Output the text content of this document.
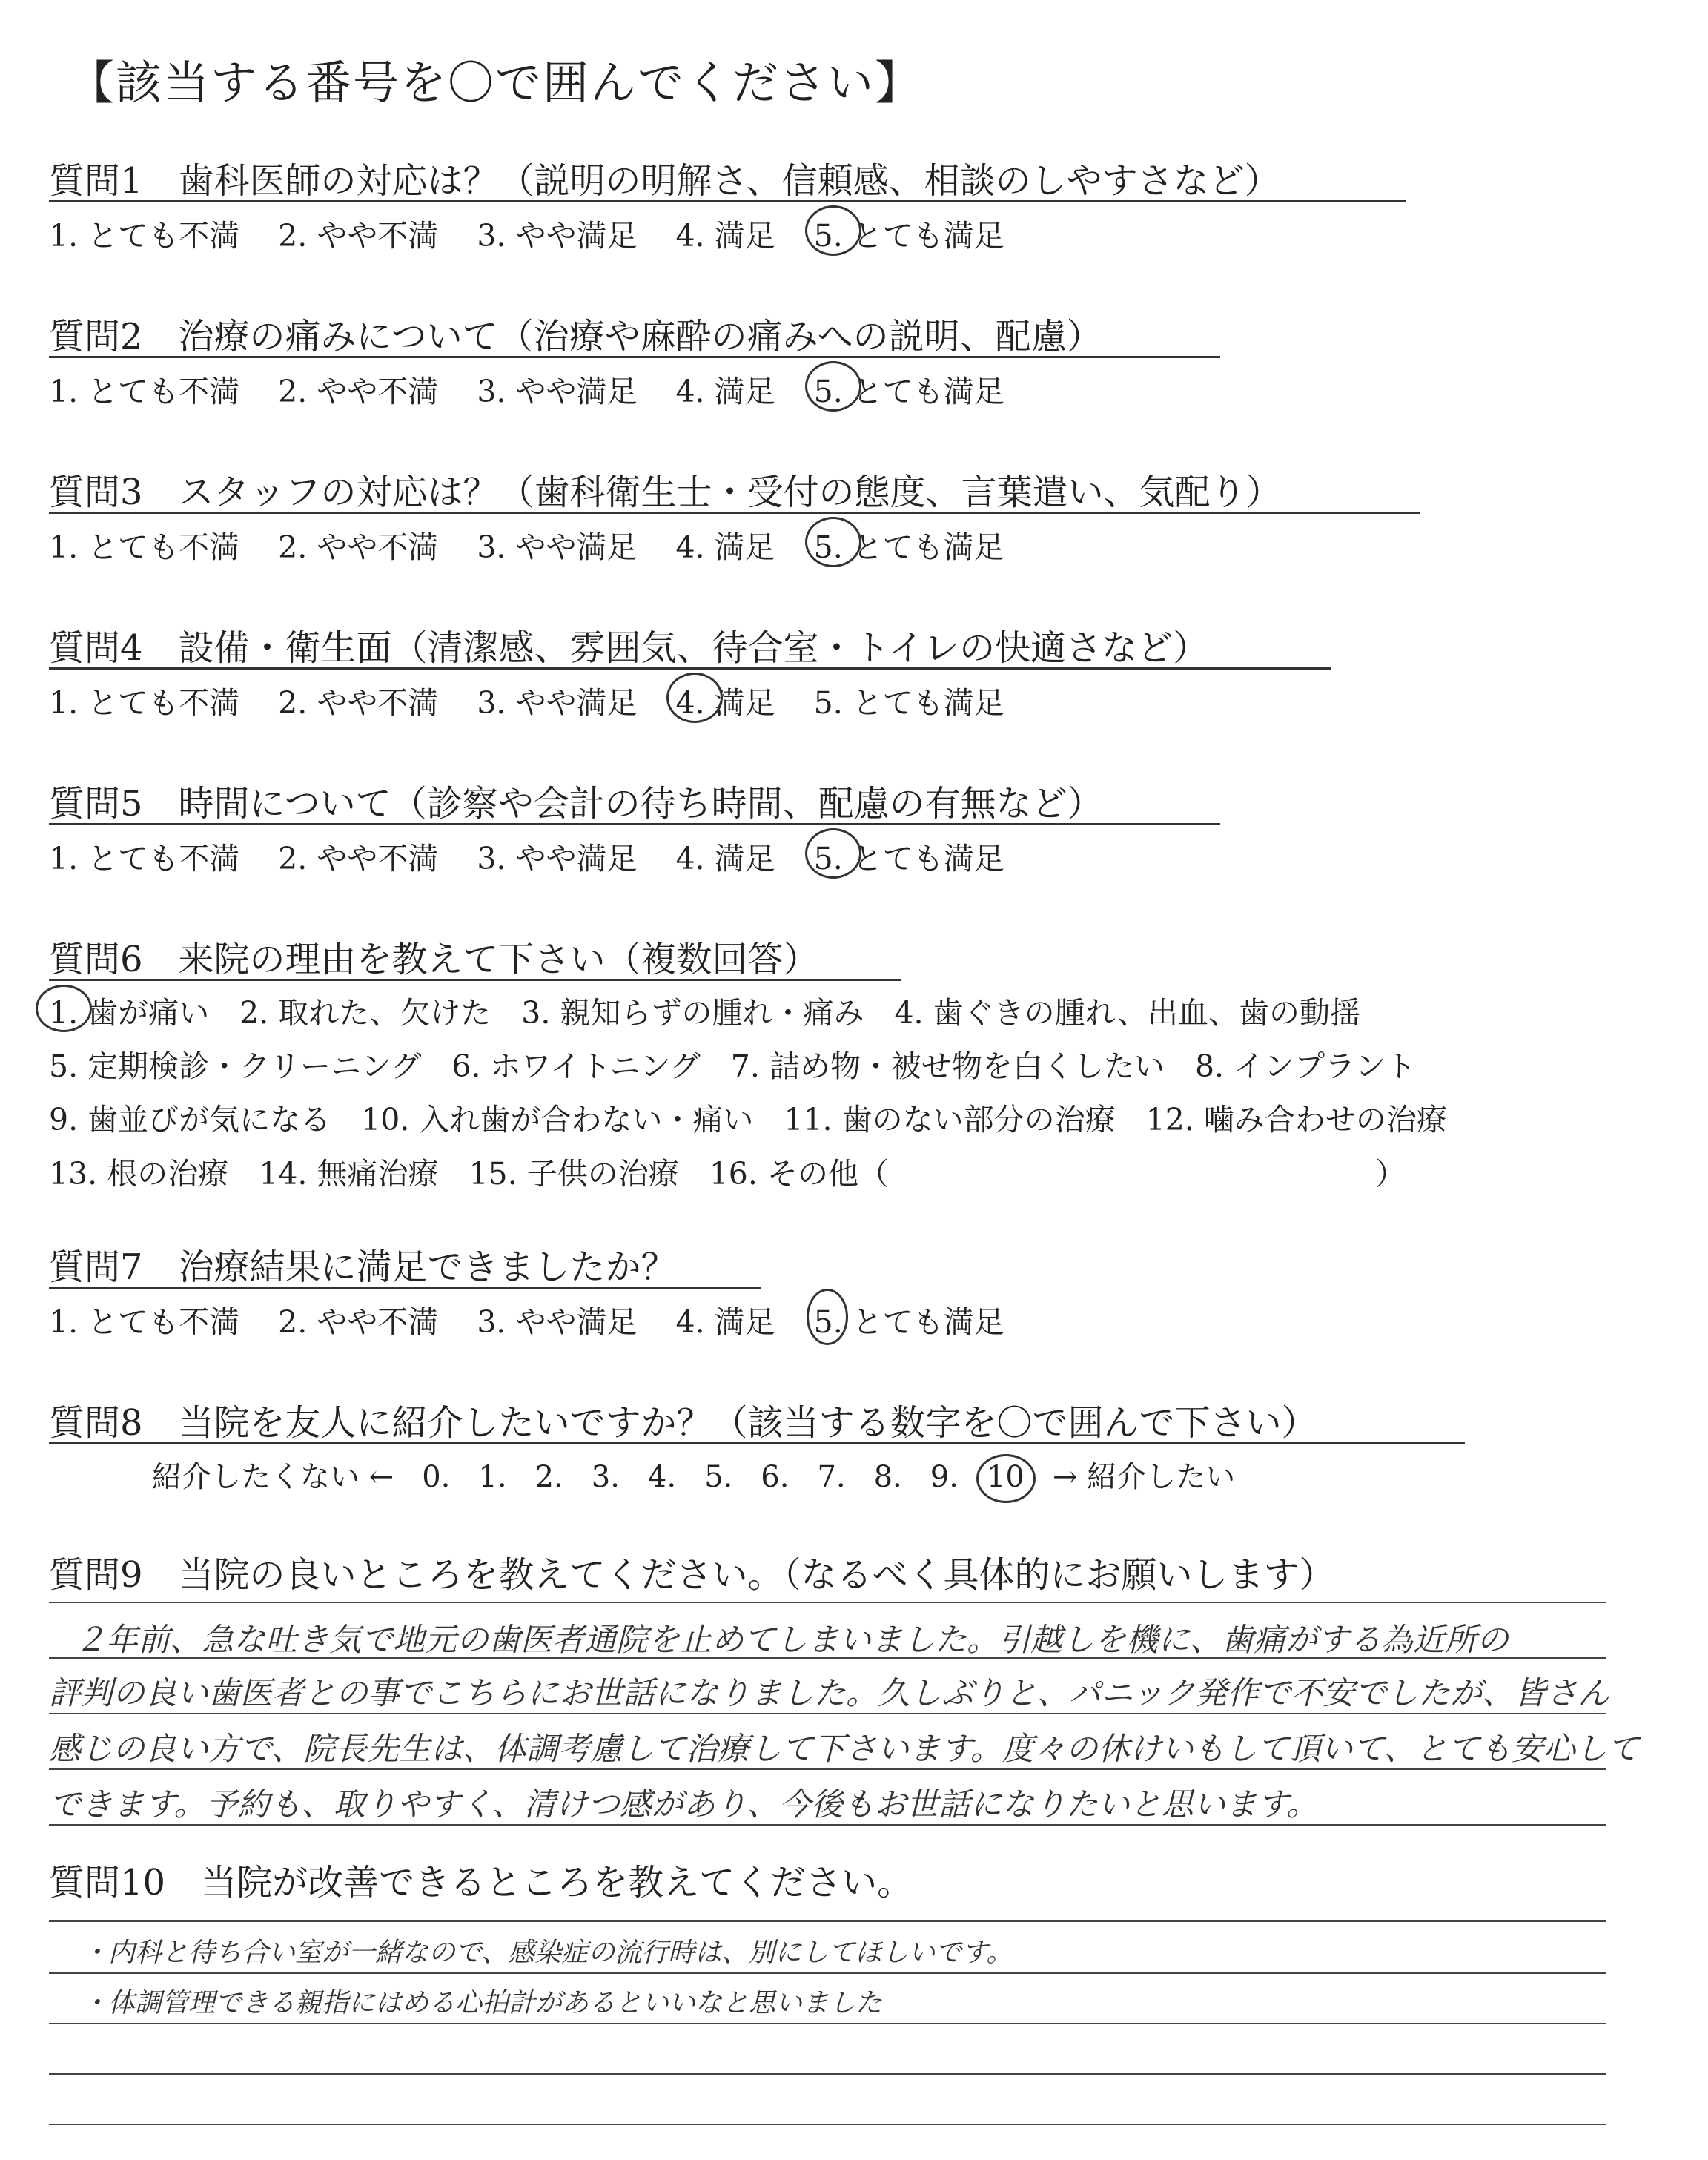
【該当する番号を〇で囲んでください】
質問1　歯科医師の対応は？（説明の明解さ、信頼感、相談のしやすさなど）
1. とても不満 2. やや不満 3. やや満足 4. 満足 5. とても満足
質問2　治療の痛みについて（治療や麻酔の痛みへの説明、配慮）
1. とても不満 2. やや不満 3. やや満足 4. 満足 5. とても満足
質問3　スタッフの対応は？（歯科衛生士・受付の態度、言葉遣い、気配り）
1. とても不満 2. やや不満 3. やや満足 4. 満足 5. とても満足
質問4　設備・衛生面（清潔感、雰囲気、待合室・トイレの快適さなど）
1. とても不満 2. やや不満 3. やや満足 4. 満足 5. とても満足
質問5　時間について（診察や会計の待ち時間、配慮の有無など）
1. とても不満 2. やや不満 3. やや満足 4. 満足 5. とても満足
質問6　来院の理由を教えて下さい（複数回答）
1. 歯が痛い　2. 取れた、欠けた　3. 親知らずの腫れ・痛み　4. 歯ぐきの腫れ、出血、歯の動揺
5. 定期検診・クリーニング　6. ホワイトニング　7. 詰め物・被せ物を白くしたい　8. インプラント
9. 歯並びが気になる　10. 入れ歯が合わない・痛い　11. 歯のない部分の治療　12. 噛み合わせの治療
13. 根の治療　14. 無痛治療　15. 子供の治療　16. その他（　　　　　　　　　　　　　　　　）
質問7　治療結果に満足できましたか？
1. とても不満 2. やや不満 3. やや満足 4. 満足 5. とても満足
質問8　当院を友人に紹介したいですか？（該当する数字を〇で囲んで下さい）
紹介したくない ← 0. 1. 2. 3. 4. 5. 6. 7. 8. 9. 10 → 紹介したい
質問9　当院の良いところを教えてください。（なるべく具体的にお願いします）
２年前、急な吐き気で地元の歯医者通院を止めてしまいました。引越しを機に、歯痛がする為近所の
評判の良い歯医者との事でこちらにお世話になりました。久しぶりと、パニック発作で不安でしたが、皆さん
感じの良い方で、院長先生は、体調考慮して治療して下さいます。度々の休けいもして頂いて、とても安心して
できます。予約も、取りやすく、清けつ感があり、今後もお世話になりたいと思います。
質問10　当院が改善できるところを教えてください。
・内科と待ち合い室が一緒なので、感染症の流行時は、別にしてほしいです。
・体調管理できる親指にはめる心拍計があるといいなと思いました
